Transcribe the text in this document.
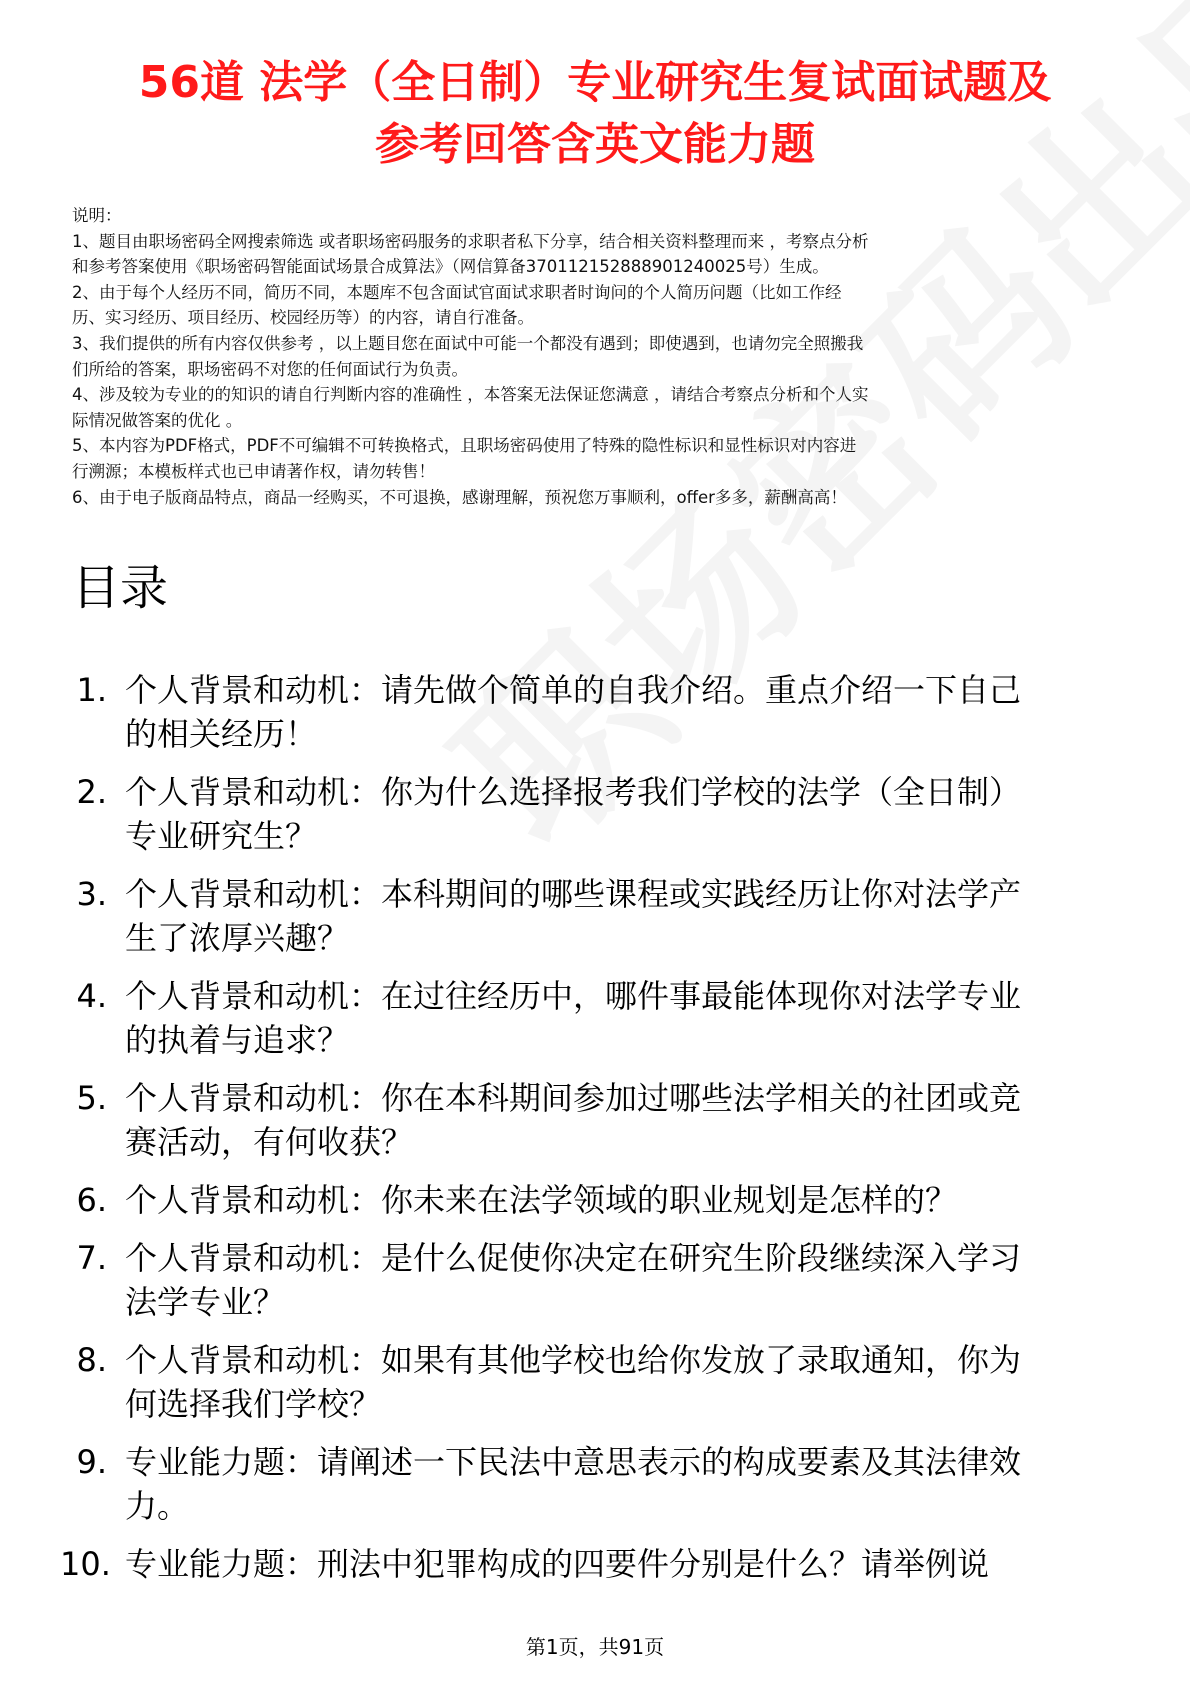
56道 法学（全日制）专业研究生复试面试题及
参考回答含英文能力题
说明：
1、题目由职场密码全网搜索筛选 或者职场密码服务的求职者私下分享，结合相关资料整理而来 ，考察点分析
和参考答案使用《职场密码智能面试场景合成算法》（网信算备370112152888901240025号）生成。
2、由于每个人经历不同，简历不同，本题库不包含面试官面试求职者时询问的个人简历问题（比如工作经
历、实习经历、项目经历、校园经历等）的内容，请自行准备。
3、我们提供的所有内容仅供参考 ，以上题目您在面试中可能一个都没有遇到；即使遇到，也请勿完全照搬我
们所给的答案，职场密码不对您的任何面试行为负责。
4、涉及较为专业的的知识的请自行判断内容的准确性 ，本答案无法保证您满意 ，请结合考察点分析和个人实
际情况做答案的优化 。
5、本内容为PDF格式，PDF不可编辑不可转换格式，且职场密码使用了特殊的隐性标识和显性标识对内容进
行溯源；本模板样式也已申请著作权，请勿转售！
6、由于电子版商品特点，商品一经购买，不可退换，感谢理解，预祝您万事顺利，offer多多，薪酬高高！
目录
1. 个人背景和动机：请先做个简单的自我介绍。重点介绍一下自己
的相关经历！
2. 个人背景和动机：你为什么选择报考我们学校的法学（全日制）
专业研究生？
3. 个人背景和动机：本科期间的哪些课程或实践经历让你对法学产
生了浓厚兴趣？
4. 个人背景和动机：在过往经历中，哪件事最能体现你对法学专业
的执着与追求？
5. 个人背景和动机：你在本科期间参加过哪些法学相关的社团或竞
赛活动，有何收获？
6. 个人背景和动机：你未来在法学领域的职业规划是怎样的？
7. 个人背景和动机：是什么促使你决定在研究生阶段继续深入学习
法学专业？
8. 个人背景和动机：如果有其他学校也给你发放了录取通知，你为
何选择我们学校？
9. 专业能力题：请阐述一下民法中意思表示的构成要素及其法律效
力。
10. 专业能力题：刑法中犯罪构成的四要件分别是什么？请举例说
第1页，共91页
